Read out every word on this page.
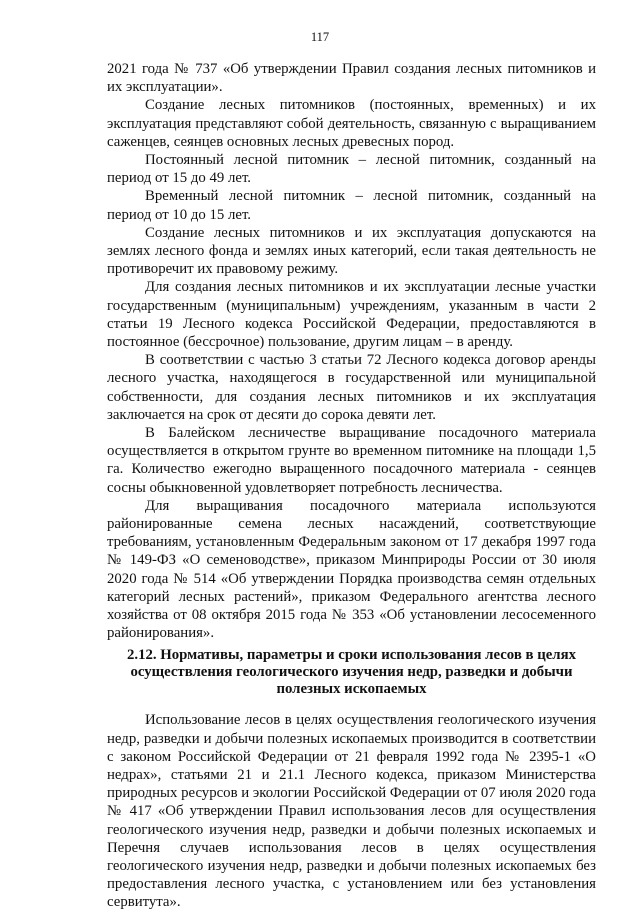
117

2021 года № 737 «Об утверждении Правил создания лесных питомников и их эксплуатации».

Создание лесных питомников (постоянных, временных) и их эксплуатация представляют собой деятельность, связанную с выращиванием саженцев, сеянцев основных лесных древесных пород.

Постоянный лесной питомник – лесной питомник, созданный на период от 15 до 49 лет.

Временный лесной питомник – лесной питомник, созданный на период от 10 до 15 лет.

Создание лесных питомников и их эксплуатация допускаются на землях лесного фонда и землях иных категорий, если такая деятельность не противоречит их правовому режиму.

Для создания лесных питомников и их эксплуатации лесные участки государственным (муниципальным) учреждениям, указанным в части 2 статьи 19 Лесного кодекса Российской Федерации, предоставляются в постоянное (бессрочное) пользование, другим лицам – в аренду.

В соответствии с частью 3 статьи 72 Лесного кодекса договор аренды лесного участка, находящегося в государственной или муниципальной собственности, для создания лесных питомников и их эксплуатация заключается на срок от десяти до сорока девяти лет.

В Балейском лесничестве выращивание посадочного материала осуществляется в открытом грунте во временном питомнике на площади 1,5 га. Количество ежегодно выращенного посадочного материала - сеянцев сосны обыкновенной удовлетворяет потребность лесничества.

Для выращивания посадочного материала используются районированные семена лесных насаждений, соответствующие требованиям, установленным Федеральным законом от 17 декабря 1997 года № 149-ФЗ «О семеноводстве», приказом Минприроды России от 30 июля 2020 года № 514 «Об утверждении Порядка производства семян отдельных категорий лесных растений», приказом Федерального агентства лесного хозяйства от 08 октября 2015 года № 353 «Об установлении лесосеменного районирования».

2.12. Нормативы, параметры и сроки использования лесов в целях осуществления геологического изучения недр, разведки и добычи полезных ископаемых

Использование лесов в целях осуществления геологического изучения недр, разведки и добычи полезных ископаемых производится в соответствии с законом Российской Федерации от 21 февраля 1992 года № 2395-1 «О недрах», статьями 21 и 21.1 Лесного кодекса, приказом Министерства природных ресурсов и экологии Российской Федерации от 07 июля 2020 года № 417 «Об утверждении Правил использования лесов для осуществления геологического изучения недр, разведки и добычи полезных ископаемых и Перечня случаев использования лесов в целях осуществления геологического изучения недр, разведки и добычи полезных ископаемых без предоставления лесного участка, с установлением или без установления сервитута».
